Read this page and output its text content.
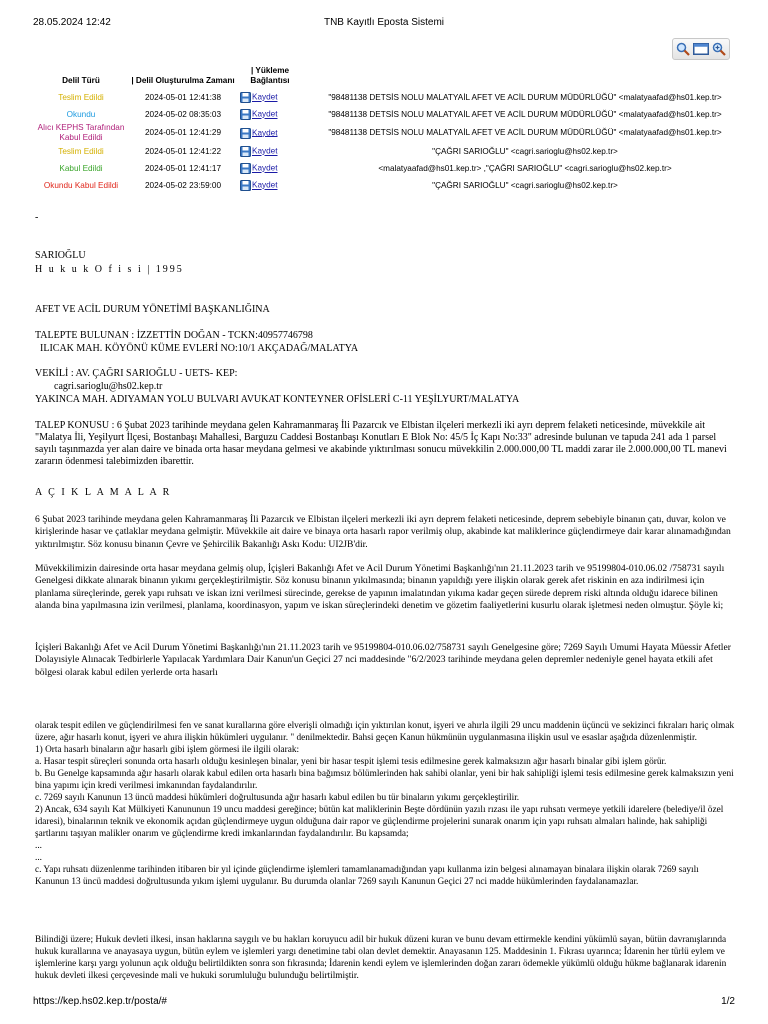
28.05.2024 12:42	TNB Kayıtlı Eposta Sistemi
https://kep.hs02.kep.tr/posta/#	1/2
Delil Türü	| Delil Oluşturulma Zamanı	| Yükleme Bağlantısı	
Teslim Edildi	2024-05-01 12:41:38	Kaydet	"98481138 DETSİS NOLU MALATYAİL AFET VE ACİL DURUM MÜDÜRLÜĞÜ" <malatyaafad@hs01.kep.tr>
Okundu	2024-05-02 08:35:03	Kaydet	"98481138 DETSİS NOLU MALATYAİL AFET VE ACİL DURUM MÜDÜRLÜĞÜ" <malatyaafad@hs01.kep.tr>
Alıcı KEPHS Tarafından Kabul Edildi	2024-05-01 12:41:29	Kaydet	"98481138 DETSİS NOLU MALATYAİL AFET VE ACİL DURUM MÜDÜRLÜĞÜ" <malatyaafad@hs01.kep.tr>
Teslim Edildi	2024-05-01 12:41:22	Kaydet	"ÇAĞRI SARIOĞLU" <cagri.sarioglu@hs02.kep.tr>
Kabul Edildi	2024-05-01 12:41:17	Kaydet	<malatyaafad@hs01.kep.tr> ,"ÇAĞRI SARIOĞLU" <cagri.sarioglu@hs02.kep.tr>
Okundu Kabul Edildi	2024-05-02 23:59:00	Kaydet	"ÇAĞRI SARIOĞLU" <cagri.sarioglu@hs02.kep.tr>
-
SARIOĞLU
H u k u k O f i s i | 1995
AFET VE ACİL DURUM YÖNETİMİ BAŞKANLIĞINA
TALEPTE BULUNAN : İZZETTİN DOĞAN - TCKN:40957746798
ILICAK MAH. KÖYÖNÜ KÜME EVLERİ NO:10/1 AKÇADAĞ/MALATYA
VEKİLİ : AV. ÇAĞRI SARIOĞLU - UETS- KEP:
cagri.sarioglu@hs02.kep.tr
YAKINCA MAH. ADIYAMAN YOLU BULVARI AVUKAT KONTEYNER OFİSLERİ C-11 YEŞİLYURT/MALATYA
TALEP KONUSU : 6 Şubat 2023 tarihinde meydana gelen Kahramanmaraş İli Pazarcık ve Elbistan ilçeleri merkezli iki ayrı deprem felaketi neticesinde, müvekkile ait "Malatya İli, Yeşilyurt İlçesi, Bostanbaşı Mahallesi, Barguzu Caddesi Bostanbaşı Konutları E Blok No: 45/5 İç Kapı No:33" adresinde bulunan ve tapuda 241 ada 1 parsel sayılı taşınmazda yer alan daire ve binada orta hasar meydana gelmesi ve akabinde yıktırılması sonucu müvekkilin 2.000.000,00 TL maddi zarar ile 2.000.000,00 TL manevi zararın ödenmesi talebimizden ibarettir.
A Ç I K L A M A L A R
6 Şubat 2023 tarihinde meydana gelen Kahramanmaraş İli Pazarcık ve Elbistan ilçeleri merkezli iki ayrı deprem felaketi neticesinde, deprem sebebiyle binanın çatı, duvar, kolon ve kirişlerinde hasar ve çatlaklar meydana gelmiştir. Müvekkile ait daire ve binaya orta hasarlı rapor verilmiş olup, akabinde kat maliklerince güçlendirmeye dair karar alınamadığından yıktırılmıştır. Söz konusu binanın Çevre ve Şehircilik Bakanlığı Askı Kodu: UI2JB'dir.
Müvekkilimizin dairesinde orta hasar meydana gelmiş olup, İçişleri Bakanlığı Afet ve Acil Durum Yönetimi Başkanlığı'nın 21.11.2023 tarih ve 95199804-010.06.02 /758731 sayılı Genelgesi dikkate alınarak binanın yıkımı gerçekleştirilmiştir. Söz konusu binanın yıkılmasında; binanın yapıldığı yere ilişkin olarak gerek afet riskinin en aza indirilmesi için planlama süreçlerinde, gerek yapı ruhsatı ve iskan izni verilmesi sürecinde, gerekse de yapının imalatından yıkıma kadar geçen sürede deprem riski altında olduğu idarece bilinen alanda bina yapılmasına izin verilmesi, planlama, koordinasyon, yapım ve iskan süreçlerindeki denetim ve gözetim faaliyetlerini kusurlu olarak işletmesi neden olmuştur. Şöyle ki;
İçişleri Bakanlığı Afet ve Acil Durum Yönetimi Başkanlığı'nın 21.11.2023 tarih ve 95199804-010.06.02/758731 sayılı Genelgesine göre; 7269 Sayılı Umumi Hayata Müessir Afetler Dolayısiyle Alınacak Tedbirlerle Yapılacak Yardımlara Dair Kanun'un Geçici 27 nci maddesinde "6/2/2023 tarihinde meydana gelen depremler nedeniyle genel hayata etkili afet bölgesi olarak kabul edilen yerlerde orta hasarlı
olarak tespit edilen ve güçlendirilmesi fen ve sanat kurallarına göre elverişli olmadığı için yıktırılan konut, işyeri ve ahırla ilgili 29 uncu maddenin üçüncü ve sekizinci fıkraları hariç olmak üzere, ağır hasarlı konut, işyeri ve ahıra ilişkin hükümleri uygulanır. " denilmektedir. Bahsi geçen Kanun hükmünün uygulanmasına ilişkin usul ve esaslar aşağıda düzenlenmiştir.
1) Orta hasarlı binaların ağır hasarlı gibi işlem görmesi ile ilgili olarak:
a. Hasar tespit süreçleri sonunda orta hasarlı olduğu kesinleşen binalar, yeni bir hasar tespit işlemi tesis edilmesine gerek kalmaksızın ağır hasarlı binalar gibi işlem görür.
b. Bu Genelge kapsamında ağır hasarlı olarak kabul edilen orta hasarlı bina bağımsız bölümlerinden hak sahibi olanlar, yeni bir hak sahipliği işlemi tesis edilmesine gerek kalmaksızın yeni bina yapımı için kredi verilmesi imkanından faydalandırılır.
c. 7269 sayılı Kanunun 13 üncü maddesi hükümleri doğrultusunda ağır hasarlı kabul edilen bu tür binaların yıkımı gerçekleştirilir.
2) Ancak, 634 sayılı Kat Mülkiyeti Kanununun 19 uncu maddesi gereğince; bütün kat maliklerinin Beşte dördünün yazılı rızası ile yapı ruhsatı vermeye yetkili idarelere (belediye/il özel idaresi), binalarının teknik ve ekonomik açıdan güçlendirmeye uygun olduğuna dair rapor ve güçlendirme projelerini sunarak onarım için yapı ruhsatı almaları halinde, hak sahipliği şartlarını taşıyan malikler onarım ve güçlendirme kredi imkanlarından faydalandırılır. Bu kapsamda;
...
...
c. Yapı ruhsatı düzenlenme tarihinden itibaren bir yıl içinde güçlendirme işlemleri tamamlanamadığından yapı kullanma izin belgesi alınamayan binalara ilişkin olarak 7269 sayılı Kanunun 13 üncü maddesi doğrultusunda yıkım işlemi uygulanır. Bu durumda olanlar 7269 sayılı Kanunun Geçici 27 nci madde hükümlerinden faydalanamazlar.
Bilindiği üzere; Hukuk devleti ilkesi, insan haklarına saygılı ve bu hakları koruyucu adil bir hukuk düzeni kuran ve bunu devam ettirmekle kendini yükümlü sayan, bütün davranışlarında hukuk kurallarına ve anayasaya uygun, bütün eylem ve işlemleri yargı denetimine tabi olan devlet demektir. Anayasanın 125. Maddesinin 1. Fıkrası uyarınca; İdarenin her türlü eylem ve işlemlerine karşı yargı yolunun açık olduğu belirtildikten sonra son fıkrasında; İdarenin kendi eylem ve işlemlerinden doğan zararı ödemekle yükümlü olduğu hükme bağlanarak idarenin hukuk devleti ilkesi çerçevesinde mali ve hukuki sorumluluğu bulunduğu belirtilmiştir.
